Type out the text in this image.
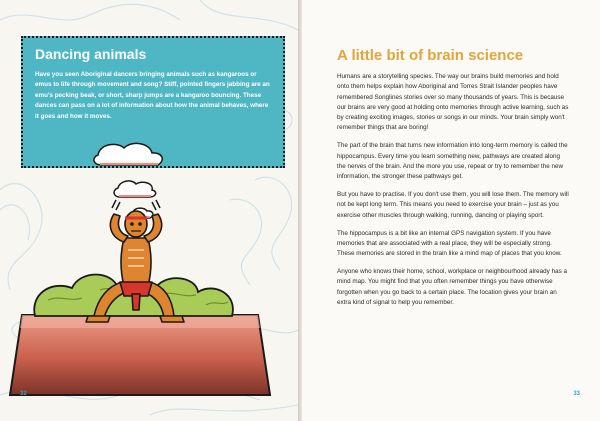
Dancing animals

Have you seen Aboriginal dancers bringing animals such as kangaroos or emus to life through movement and song? Stiff, pointed fingers jabbing are an emu's pecking beak, or short, sharp jumps are a kangaroo bouncing. These dances can pass on a lot of information about how the animal behaves, where it goes and how it moves.

32
A little bit of brain science

Humans are a storytelling species. The way our brains build memories and hold onto them helps explain how Aboriginal and Torres Strait Islander peoples have remembered Songlines stories over so many thousands of years. This is because our brains are very good at holding onto memories through active learning, such as by creating exciting images, stories or songs in our minds. Your brain simply won't remember things that are boring!

The part of the brain that turns new information into long-term memory is called the hippocampus. Every time you learn something new, pathways are created along the nerves of the brain. And the more you use, repeat or try to remember the new information, the stronger these pathways get.

But you have to practise. If you don't use them, you will lose them. The memory will not be kept long term. This means you need to exercise your brain – just as you exercise other muscles through walking, running, dancing or playing sport.

The hippocampus is a bit like an internal GPS navigation system. If you have memories that are associated with a real place, they will be especially strong. These memories are stored in the brain like a mind map of places that you know.

Anyone who knows their home, school, workplace or neighbourhood already has a mind map. You might find that you often remember things you have otherwise forgotten when you go back to a certain place. The location gives your brain an extra kind of signal to help you remember.

33
